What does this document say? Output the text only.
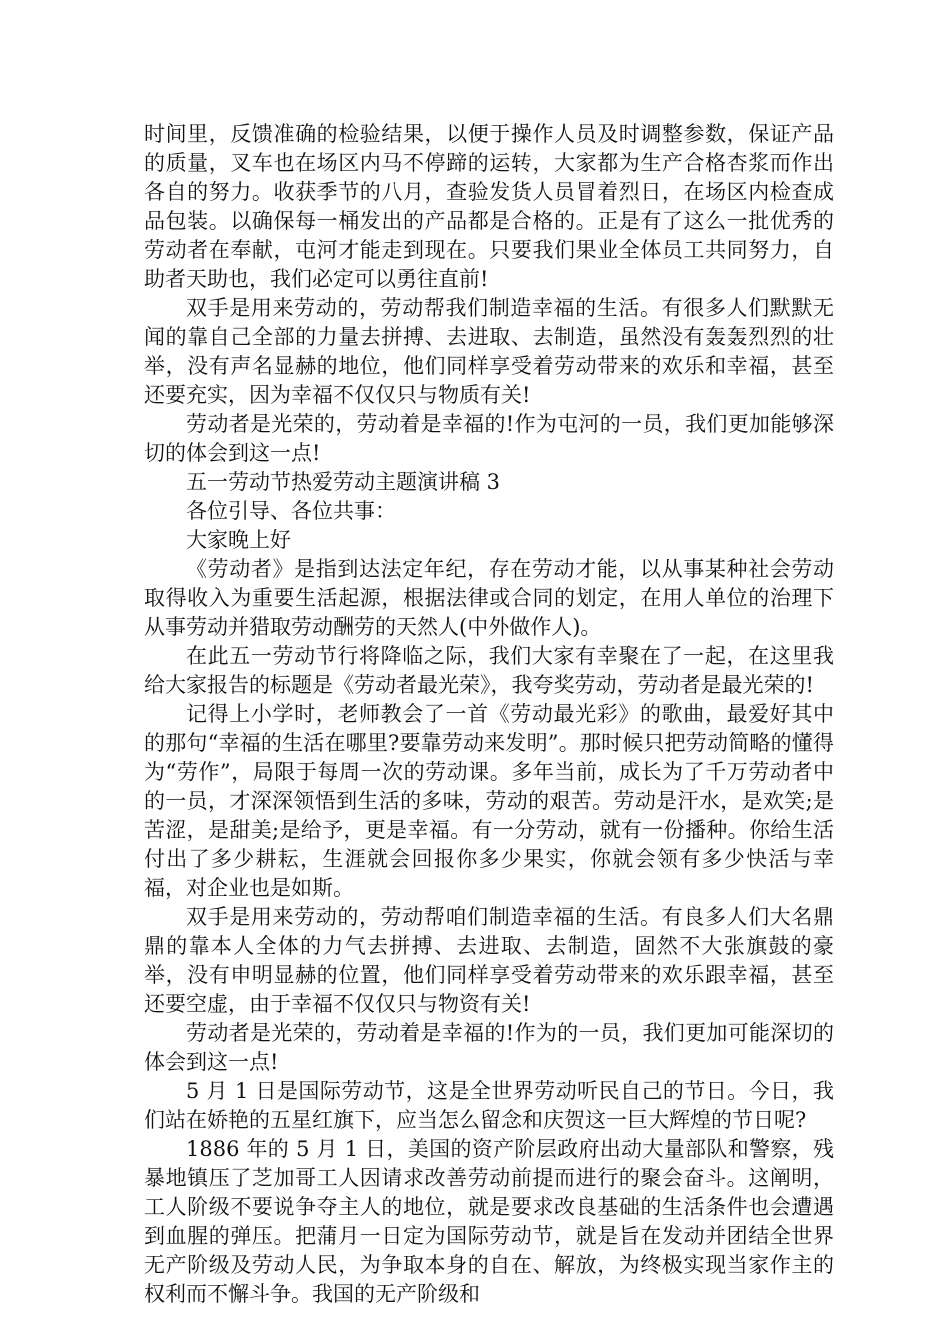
时间里，反馈准确的检验结果，以便于操作人员及时调整参数，保证产品的质量，叉车也在场区内马不停蹄的运转，大家都为生产合格杏浆而作出各自的努力。收获季节的八月，查验发货人员冒着烈日，在场区内检查成品包装。以确保每一桶发出的产品都是合格的。正是有了这么一批优秀的劳动者在奉献，屯河才能走到现在。只要我们果业全体员工共同努力，自助者天助也，我们必定可以勇往直前!

双手是用来劳动的，劳动帮我们制造幸福的生活。有很多人们默默无闻的靠自己全部的力量去拼搏、去进取、去制造，虽然没有轰轰烈烈的壮举，没有声名显赫的地位，他们同样享受着劳动带来的欢乐和幸福，甚至还要充实，因为幸福不仅仅只与物质有关!

劳动者是光荣的，劳动着是幸福的!作为屯河的一员，我们更加能够深切的体会到这一点!

五一劳动节热爱劳动主题演讲稿 3

各位引导、各位共事：

大家晚上好

《劳动者》是指到达法定年纪，存在劳动才能，以从事某种社会劳动取得收入为重要生活起源，根据法律或合同的划定，在用人单位的治理下从事劳动并猎取劳动酬劳的天然人(中外做作人)。

在此五一劳动节行将降临之际，我们大家有幸聚在了一起，在这里我给大家报告的标题是《劳动者最光荣》，我夸奖劳动，劳动者是最光荣的!

记得上小学时，老师教会了一首《劳动最光彩》的歌曲，最爱好其中的那句“幸福的生活在哪里?要靠劳动来发明”。那时候只把劳动简略的懂得为“劳作”，局限于每周一次的劳动课。多年当前，成长为了千万劳动者中的一员，才深深领悟到生活的多味，劳动的艰苦。劳动是汗水，是欢笑;是苦涩，是甜美;是给予，更是幸福。有一分劳动，就有一份播种。你给生活付出了多少耕耘，生涯就会回报你多少果实，你就会领有多少快活与幸福，对企业也是如斯。

双手是用来劳动的，劳动帮咱们制造幸福的生活。有良多人们大名鼎鼎的靠本人全体的力气去拼搏、去进取、去制造，固然不大张旗鼓的豪举，没有申明显赫的位置，他们同样享受着劳动带来的欢乐跟幸福，甚至还要空虚，由于幸福不仅仅只与物资有关!

劳动者是光荣的，劳动着是幸福的!作为的一员，我们更加可能深切的体会到这一点!

5 月 1 日是国际劳动节，这是全世界劳动听民自己的节日。今日，我们站在娇艳的五星红旗下，应当怎么留念和庆贺这一巨大辉煌的节日呢?

1886 年的 5 月 1 日，美国的资产阶层政府出动大量部队和警察，残暴地镇压了芝加哥工人因请求改善劳动前提而进行的聚会奋斗。这阐明，工人阶级不要说争夺主人的地位，就是要求改良基础的生活条件也会遭遇到血腥的弹压。把蒲月一日定为国际劳动节，就是旨在发动并团结全世界无产阶级及劳动人民，为争取本身的自在、解放，为终极实现当家作主的权利而不懈斗争。我国的无产阶级和
